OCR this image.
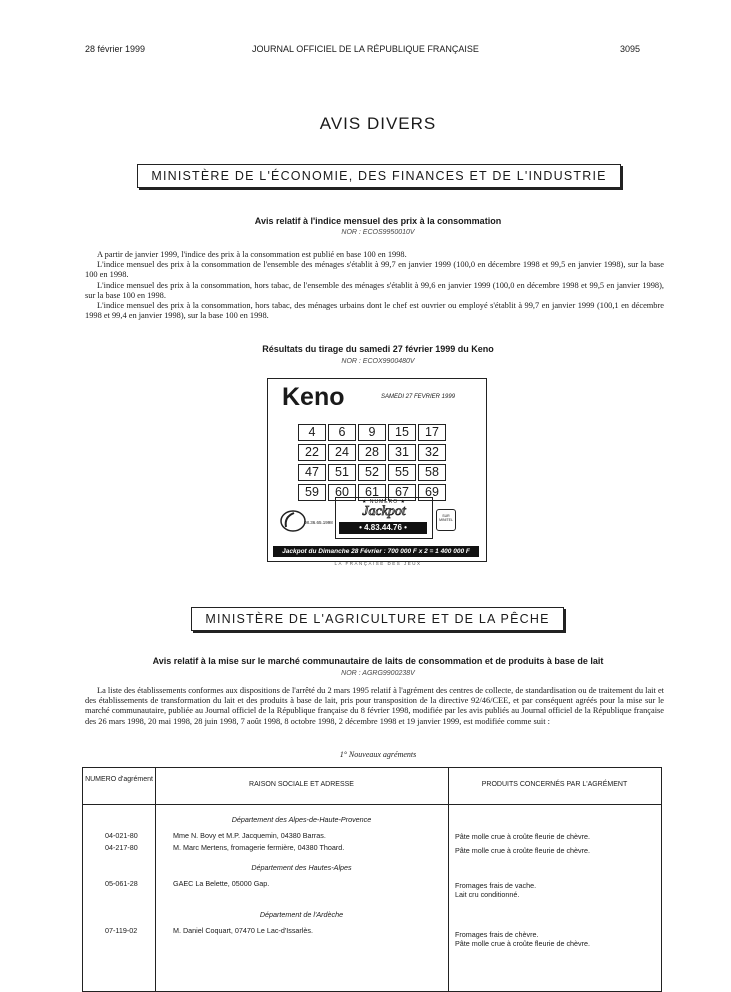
28 février 1999	JOURNAL OFFICIEL DE LA RÉPUBLIQUE FRANÇAISE	3095
AVIS DIVERS
MINISTÈRE DE L'ÉCONOMIE, DES FINANCES ET DE L'INDUSTRIE
Avis relatif à l'indice mensuel des prix à la consommation
NOR : ECOS9950010V

A partir de janvier 1999, l'indice des prix à la consommation est publié en base 100 en 1998.

L'indice mensuel des prix à la consommation de l'ensemble des ménages s'établit à 99,7 en janvier 1999 (100,0 en décembre 1998 et 99,5 en janvier 1998), sur la base 100 en 1998.

L'indice mensuel des prix à la consommation, hors tabac, de l'ensemble des ménages s'établit à 99,6 en janvier 1999 (100,0 en décembre 1998 et 99,5 en janvier 1998), sur la base 100 en 1998.

L'indice mensuel des prix à la consommation, hors tabac, des ménages urbains dont le chef est ouvrier ou employé s'établit à 99,7 en janvier 1999 (100,1 en décembre 1998 et 99,4 en janvier 1998), sur la base 100 en 1998.

Résultats du tirage du samedi 27 février 1999 du Keno
NOR : ECOX9900480V
Keno	SAMEDI 27 FEVRIER 1999
4	6	9	15	17
22	24	28	31	32
47	51	52	55	58
59	60	61	67	69
08.36.65.1998
★ NUMERO ★
Jackpot
• 4.83.44.76 •
SUR MINITEL
Jackpot du Dimanche 28 Février : 700 000 F x 2 = 1 400 000 F
LA FRANÇAISE DES JEUX
MINISTÈRE DE L'AGRICULTURE ET DE LA PÊCHE
Avis relatif à la mise sur le marché communautaire de laits de consommation et de produits à base de lait
NOR : AGRG9900238V

La liste des établissements conformes aux dispositions de l'arrêté du 2 mars 1995 relatif à l'agrément des centres de collecte, de standardisation ou de traitement du lait et des établissements de transformation du lait et des produits à base de lait, pris pour transposition de la directive 92/46/CEE, et par conséquent agréés pour la mise sur le marché communautaire, publiée au Journal officiel de la République française du 8 février 1998, modifiée par les avis publiés au Journal officiel de la République française des 26 mars 1998, 20 mai 1998, 28 juin 1998, 7 août 1998, 8 octobre 1998, 2 décembre 1998 et 19 janvier 1999, est modifiée comme suit :

1° Nouveaux agréments
NUMERO d'agrément
RAISON SOCIALE ET ADRESSE	PRODUITS CONCERNÉS PAR L'AGRÉMENT
Département des Alpes-de-Haute-Provence
04-021-80	Mme N. Bovy et M.P. Jacquemin, 04380 Barras.	Pâte molle crue à croûte fleurie de chèvre.
04-217-80	M. Marc Mertens, fromagerie fermière, 04380 Thoard.	Pâte molle crue à croûte fleurie de chèvre.
Département des Hautes-Alpes
05-061-28	GAEC La Belette, 05000 Gap.	Fromages frais de vache.
Lait cru conditionné.
Département de l'Ardèche
07-119-02	M. Daniel Coquart, 07470 Le Lac-d'Issarlès.	Fromages frais de chèvre.
Pâte molle crue à croûte fleurie de chèvre.
